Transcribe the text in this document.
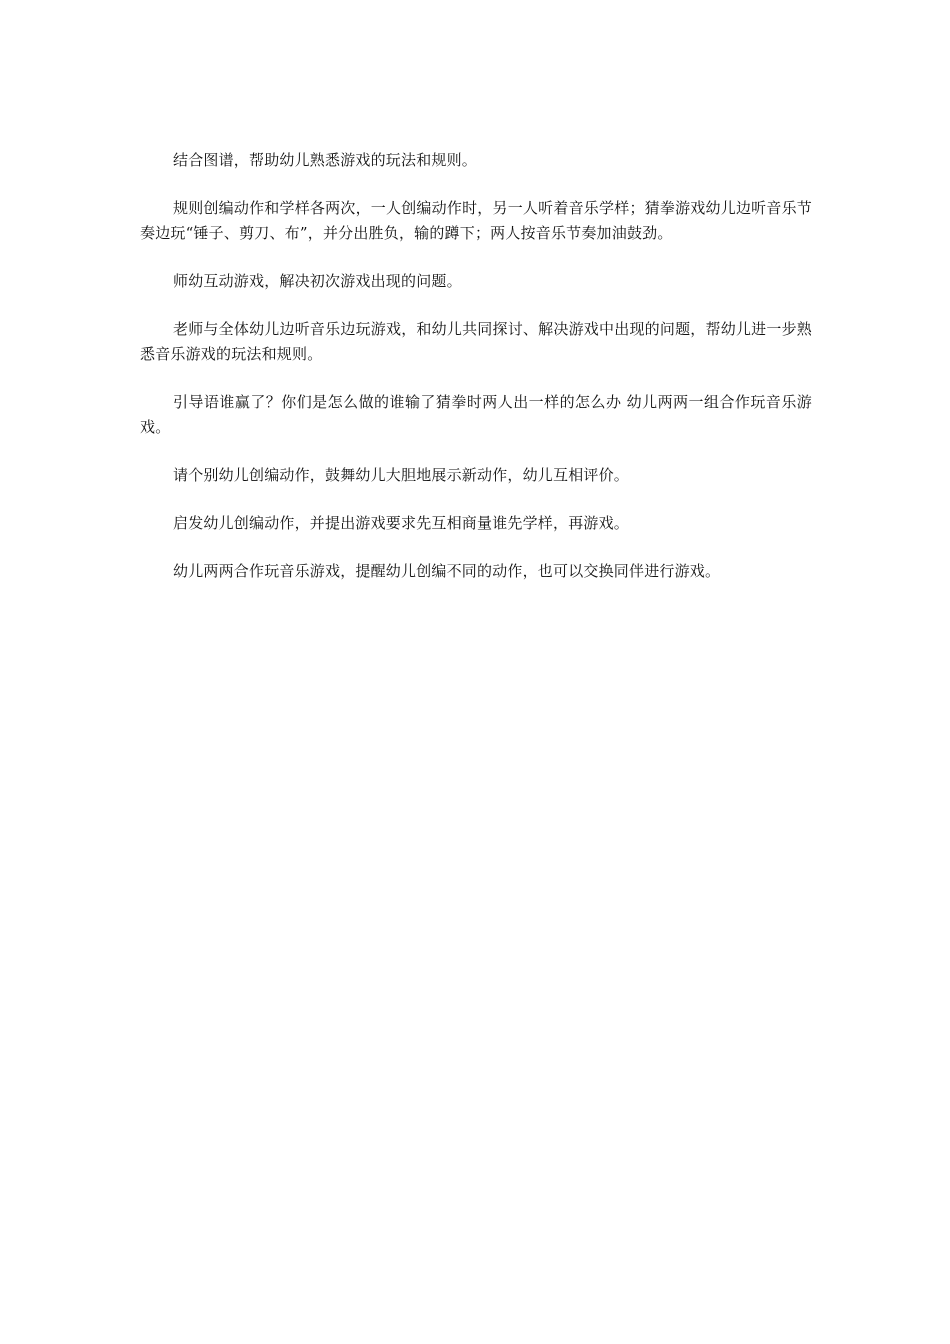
结合图谱，帮助幼儿熟悉游戏的玩法和规则。

规则创编动作和学样各两次，一人创编动作时，另一人听着音乐学样；猜拳游戏幼儿边听音乐节奏边玩“锤子、剪刀、布”，并分出胜负，输的蹲下；两人按音乐节奏加油鼓劲。

师幼互动游戏，解决初次游戏出现的问题。

老师与全体幼儿边听音乐边玩游戏，和幼儿共同探讨、解决游戏中出现的问题，帮幼儿进一步熟悉音乐游戏的玩法和规则。

引导语谁赢了？你们是怎么做的谁输了猜拳时两人出一样的怎么办 幼儿两两一组合作玩音乐游戏。

请个别幼儿创编动作，鼓舞幼儿大胆地展示新动作，幼儿互相评价。

启发幼儿创编动作，并提出游戏要求先互相商量谁先学样，再游戏。

幼儿两两合作玩音乐游戏，提醒幼儿创编不同的动作，也可以交换同伴进行游戏。
